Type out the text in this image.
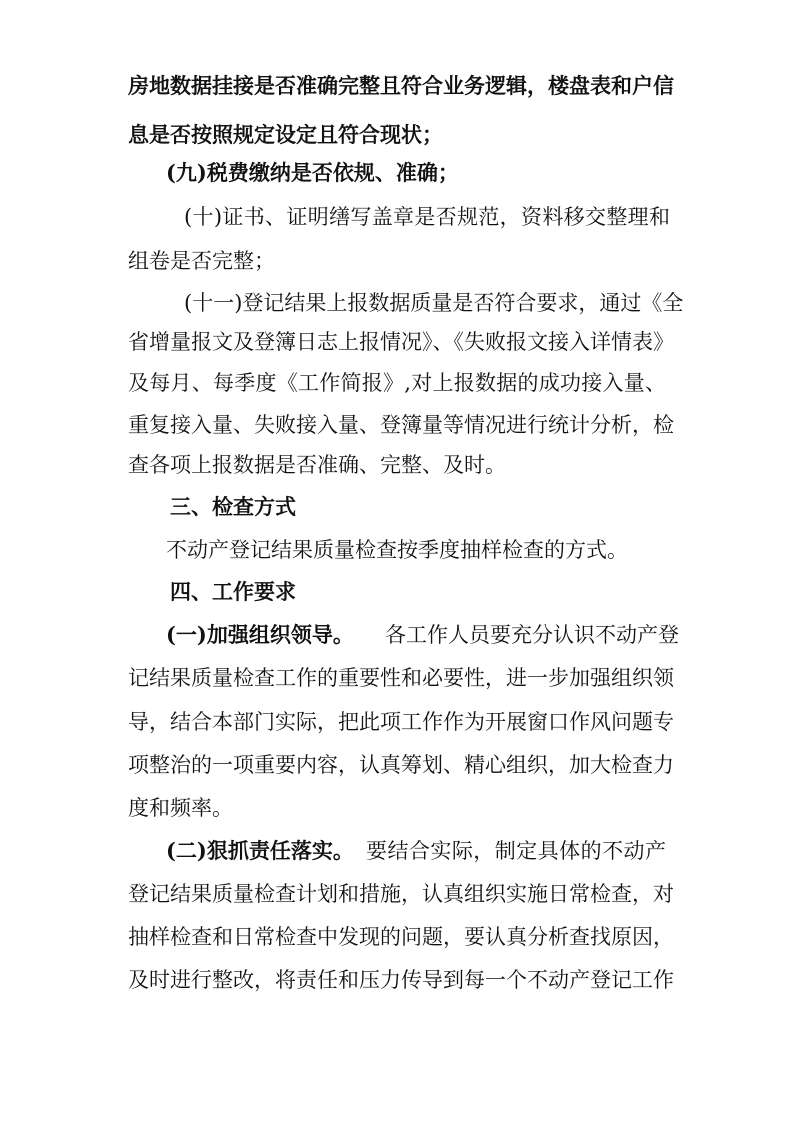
房地数据挂接是否准确完整且符合业务逻辑，楼盘表和户信
息是否按照规定设定且符合现状；
(九)税费缴纳是否依规、准确；
(十)证书、证明缮写盖章是否规范，资料移交整理和
组卷是否完整；
(十一)登记结果上报数据质量是否符合要求，通过《全
省增量报文及登簿日志上报情况》、《失败报文接入详情表》
及每月、每季度《工作简报》,对上报数据的成功接入量、
重复接入量、失败接入量、登簿量等情况进行统计分析，检
查各项上报数据是否准确、完整、及时。
三、检查方式
不动产登记结果质量检查按季度抽样检查的方式。
四、工作要求
(一)加强组织领导。 各工作人员要充分认识不动产登
记结果质量检查工作的重要性和必要性，进一步加强组织领
导，结合本部门实际，把此项工作作为开展窗口作风问题专
项整治的一项重要内容，认真筹划、精心组织，加大检查力
度和频率。
(二)狠抓责任落实。 要结合实际，制定具体的不动产
登记结果质量检查计划和措施，认真组织实施日常检查，对
抽样检查和日常检查中发现的问题，要认真分析查找原因，
及时进行整改，将责任和压力传导到每一个不动产登记工作
